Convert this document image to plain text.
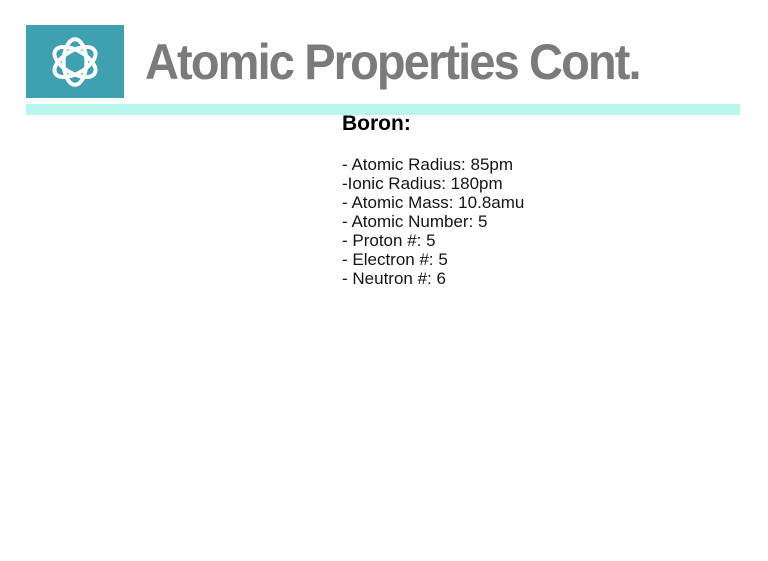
Atomic Properties Cont.

Boron:

- Atomic Radius: 85pm
-Ionic Radius: 180pm
- Atomic Mass: 10.8amu
- Atomic Number: 5
- Proton #: 5
- Electron #: 5
- Neutron #: 6
